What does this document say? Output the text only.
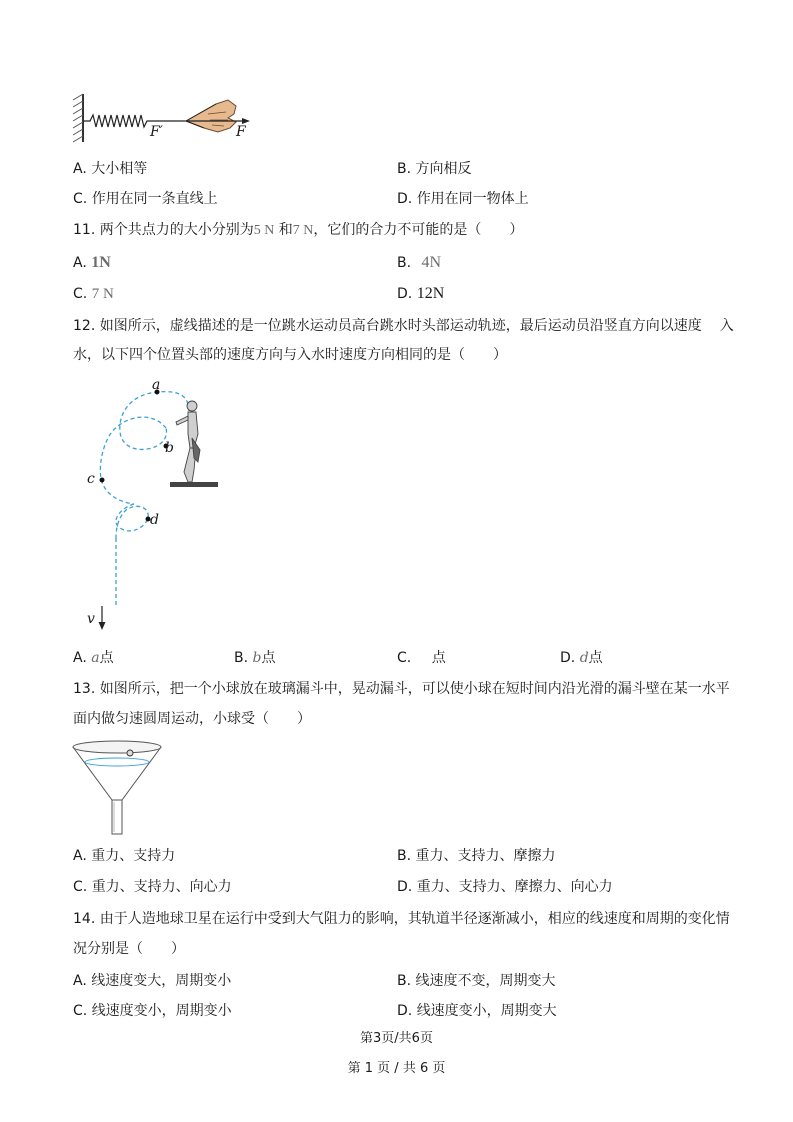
F′	F
A. 大小相等	B. 方向相反
C. 作用在同一条直线上	D. 作用在同一物体上
11. 两个共点力的大小分别为5 N 和7 N，它们的合力不可能的是（　　）
A. 1N	B. 4N
C. 7 N	D. 12N
12. 如图所示，虚线描述的是一位跳水运动员高台跳水时头部运动轨迹，最后运动员沿竖直方向以速度 入
水，以下四个位置头部的速度方向与入水时速度方向相同的是（　　）
a
b
c
d
v
A. a点	B. b点	C. 点	D. d点
13. 如图所示，把一个小球放在玻璃漏斗中，晃动漏斗，可以使小球在短时间内沿光滑的漏斗壁在某一水平
面内做匀速圆周运动，小球受（　　）
A. 重力、支持力	B. 重力、支持力、摩擦力
C. 重力、支持力、向心力	D. 重力、支持力、摩擦力、向心力
14. 由于人造地球卫星在运行中受到大气阻力的影响，其轨道半径逐渐减小，相应的线速度和周期的变化情
况分别是（　　）
A. 线速度变大，周期变小	B. 线速度不变，周期变大
C. 线速度变小，周期变小	D. 线速度变小，周期变大
第3页/共6页
第 1 页 / 共 6 页
